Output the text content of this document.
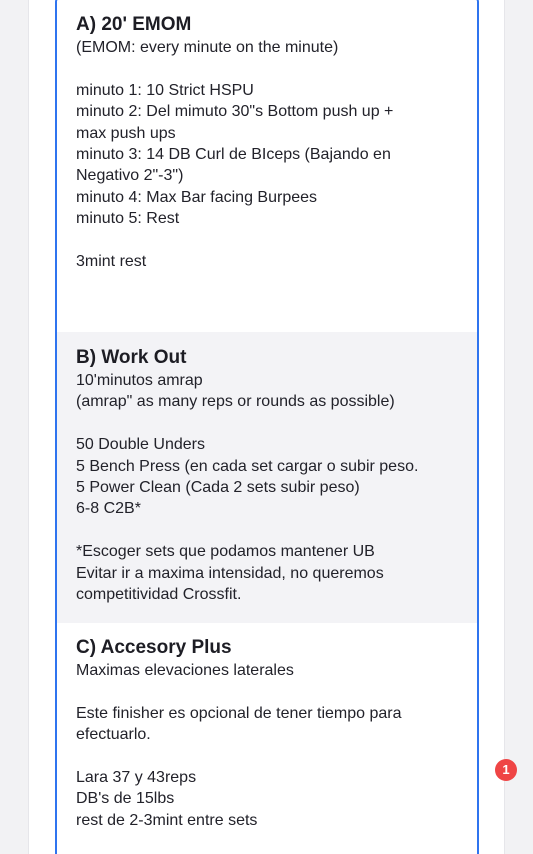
A) 20' EMOM
(EMOM: every minute on the minute)
minuto 1: 10 Strict HSPU
minuto 2: Del mimuto 30"s Bottom push up +
max push ups
minuto 3: 14 DB Curl de BIceps (Bajando en
Negativo 2"-3")
minuto 4: Max Bar facing Burpees
minuto 5: Rest
3mint rest
B) Work Out
10'minutos amrap
(amrap" as many reps or rounds as possible)
50 Double Unders
5 Bench Press (en cada set cargar o subir peso.
5 Power Clean (Cada 2 sets subir peso)
6-8 C2B*
*Escoger sets que podamos mantener UB
Evitar ir a maxima intensidad, no queremos
competitividad Crossfit.
C) Accesory Plus
Maximas elevaciones laterales
Este finisher es opcional de tener tiempo para
efectuarlo.
Lara 37 y 43reps
DB's de 15lbs
rest de 2-3mint entre sets
1
